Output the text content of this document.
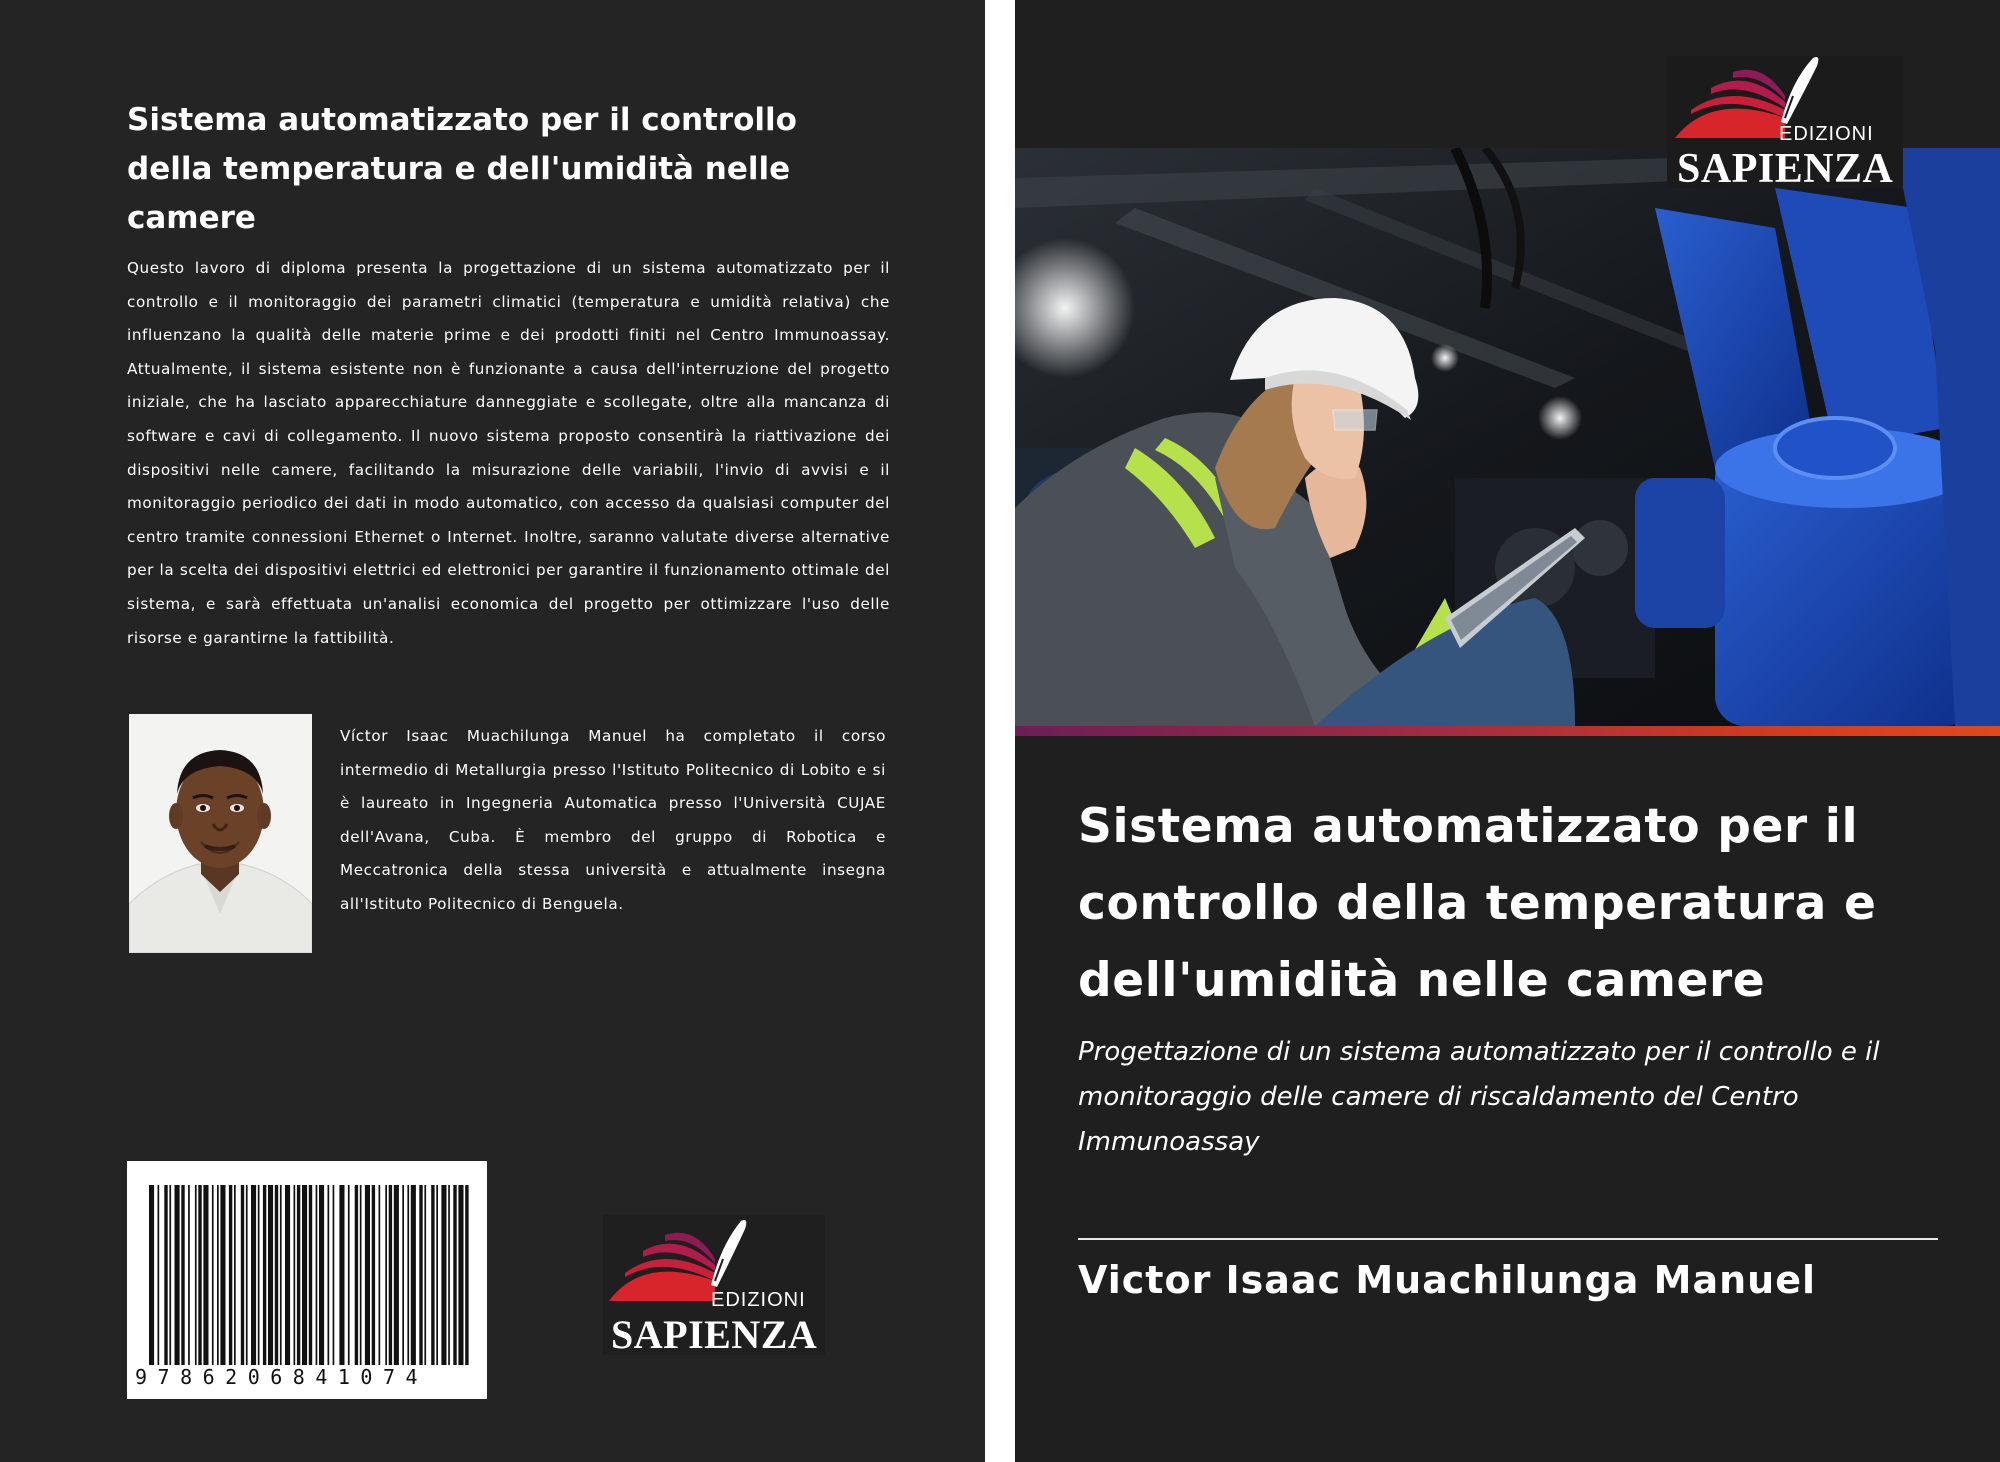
Sistema automatizzato per il controllo della temperatura e dell'umidità nelle camere
Questo lavoro di diploma presenta la progettazione di un sistema automatizzato per il controllo e il monitoraggio dei parametri climatici (temperatura e umidità relativa) che influenzano la qualità delle materie prime e dei prodotti finiti nel Centro Immunoassay. Attualmente, il sistema esistente non è funzionante a causa dell'interruzione del progetto iniziale, che ha lasciato apparecchiature danneggiate e scollegate, oltre alla mancanza di software e cavi di collegamento. Il nuovo sistema proposto consentirà la riattivazione dei dispositivi nelle camere, facilitando la misurazione delle variabili, l'invio di avvisi e il monitoraggio periodico dei dati in modo automatico, con accesso da qualsiasi computer del centro tramite connessioni Ethernet o Internet. Inoltre, saranno valutate diverse alternative per la scelta dei dispositivi elettrici ed elettronici per garantire il funzionamento ottimale del sistema, e sarà effettuata un'analisi economica del progetto per ottimizzare l'uso delle risorse e garantirne la fattibilità.
Víctor Isaac Muachilunga Manuel ha completato il corso intermedio di Metallurgia presso l'Istituto Politecnico di Lobito e si è laureato in Ingegneria Automatica presso l'Università CUJAE dell'Avana, Cuba. È membro del gruppo di Robotica e Meccatronica della stessa università e attualmente insegna all'Istituto Politecnico di Benguela.
9786206841074
EDIZIONI
SAPIENZA
EDIZIONI
SAPIENZA
Sistema automatizzato per il controllo della temperatura e dell'umidità nelle camere
Progettazione di un sistema automatizzato per il controllo e il monitoraggio delle camere di riscaldamento del Centro Immunoassay
Victor Isaac Muachilunga Manuel
